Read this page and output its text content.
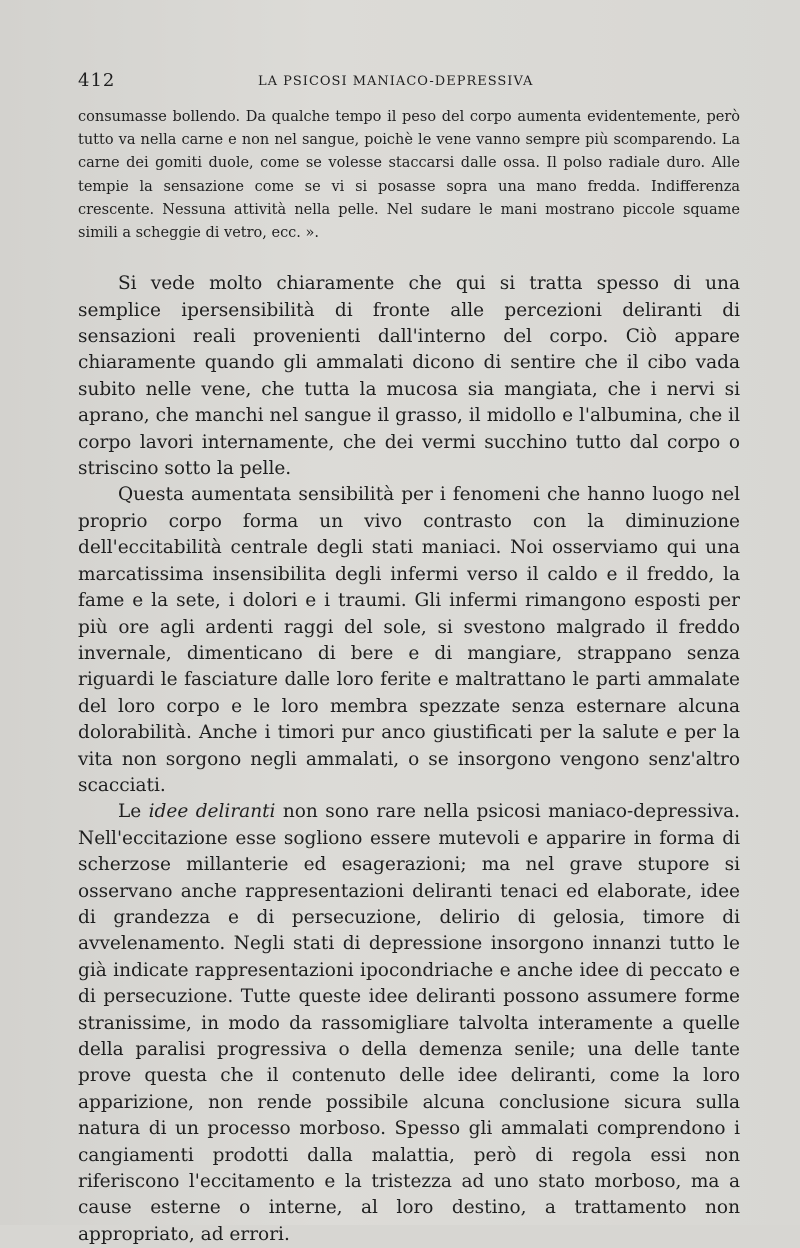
412	LA PSICOSI MANIACO-DEPRESSIVA

consumasse bollendo. Da qualche tempo il peso del corpo aumenta evidentemente, però tutto va nella carne e non nel sangue, poichè le vene vanno sempre più scomparendo. La carne dei gomiti duole, come se volesse staccarsi dalle ossa. Il polso radiale duro. Alle tempie la sensazione come se vi si posasse sopra una mano fredda. Indifferenza crescente. Nessuna attività nella pelle. Nel sudare le mani mostrano piccole squame simili a scheggie di vetro, ecc. ».

Si vede molto chiaramente che qui si tratta spesso di una semplice ipersensibilità di fronte alle percezioni deliranti di sensazioni reali provenienti dall'interno del corpo. Ciò appare chiaramente quando gli ammalati dicono di sentire che il cibo vada subito nelle vene, che tutta la mucosa sia mangiata, che i nervi si aprano, che manchi nel sangue il grasso, il midollo e l'albumina, che il corpo lavori internamente, che dei vermi succhino tutto dal corpo o striscino sotto la pelle.

Questa aumentata sensibilità per i fenomeni che hanno luogo nel proprio corpo forma un vivo contrasto con la diminuzione dell'eccitabilità centrale degli stati maniaci. Noi osserviamo qui una marcatissima insensibilita degli infermi verso il caldo e il freddo, la fame e la sete, i dolori e i traumi. Gli infermi rimangono esposti per più ore agli ardenti raggi del sole, si svestono malgrado il freddo invernale, dimenticano di bere e di mangiare, strappano senza riguardi le fasciature dalle loro ferite e maltrattano le parti ammalate del loro corpo e le loro membra spezzate senza esternare alcuna dolorabilità. Anche i timori pur anco giustificati per la salute e per la vita non sorgono negli ammalati, o se insorgono vengono senz'altro scacciati.

Le idee deliranti non sono rare nella psicosi maniaco-depressiva. Nell'eccitazione esse sogliono essere mutevoli e apparire in forma di scherzose millanterie ed esagerazioni; ma nel grave stupore si osservano anche rappresentazioni deliranti tenaci ed elaborate, idee di grandezza e di persecuzione, delirio di gelosia, timore di avvelenamento. Negli stati di depressione insorgono innanzi tutto le già indicate rappresentazioni ipocondriache e anche idee di peccato e di persecuzione. Tutte queste idee deliranti possono assumere forme stranissime, in modo da rassomigliare talvolta interamente a quelle della paralisi progressiva o della demenza senile; una delle tante prove questa che il contenuto delle idee deliranti, come la loro apparizione, non rende possibile alcuna conclusione sicura sulla natura di un processo morboso. Spesso gli ammalati comprendono i cangiamenti prodotti dalla malattia, però di regola essi non riferiscono l'eccitamento e la tristezza ad uno stato morboso, ma a cause esterne o interne, al loro destino, a trattamento non appropriato, ad errori.
